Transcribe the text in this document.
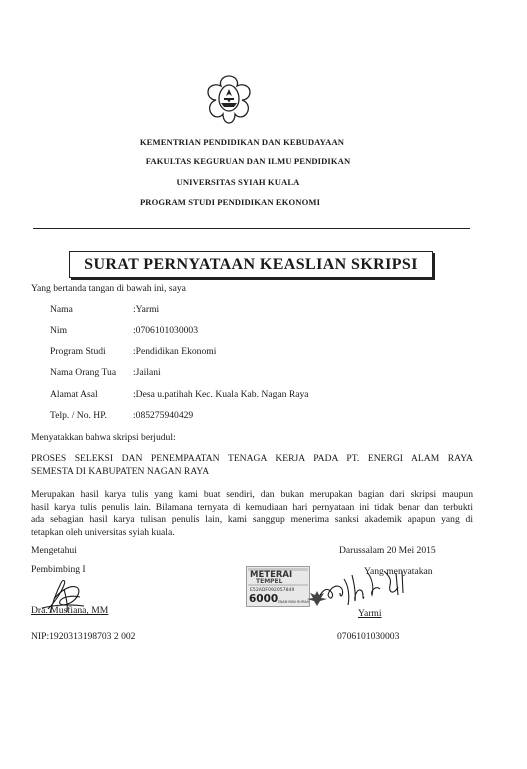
KEMENTRIAN PENDIDIKAN DAN KEBUDAYAAN
FAKULTAS KEGURUAN DAN ILMU PENDIDIKAN
UNIVERSITAS SYIAH KUALA
PROGRAM STUDI PENDIDIKAN EKONOMI
SURAT PERNYATAAN KEASLIAN SKRIPSI
Yang bertanda tangan di bawah ini, saya
Nama	:Yarmi
Nim	:0706101030003
Program Studi	:Pendidikan Ekonomi
Nama Orang Tua :Jailani
Alamat Asal	:Desa u.patihah Kec. Kuala Kab. Nagan Raya
Telp. / No. HP.	:085275940429
Menyatakkan bahwa skripsi berjudul:
PROSES SELEKSI DAN PENEMPAATAN TENAGA KERJA PADA PT. ENERGI ALAM RAYA
SEMESTA DI KABUPATEN NAGAN RAYA
Merupakan hasil karya tulis yang kami buat sendiri, dan bukan merupakan bagian dari skripsi maupun
hasil karya tulis penulis lain. Bilamana ternyata di kemudiaan hari pernyataan ini tidak benar dan terbukti
ada sebagian hasil karya tulisan penulis lain, kami sanggup menerima sanksi akademik apapun yang di
tetapkan oleh universitas syiah kuala.
Mengetahui
Pembimbing I
Dra. Musfiana, MM
NIP:1920313198703 2 002
Darussalam 20 Mei 2015
METERAI
TEMPEL
E52ADF092057849
6000 ENAM RIBU RUPIAH
Yang menyatakan
Yarmi
0706101030003
